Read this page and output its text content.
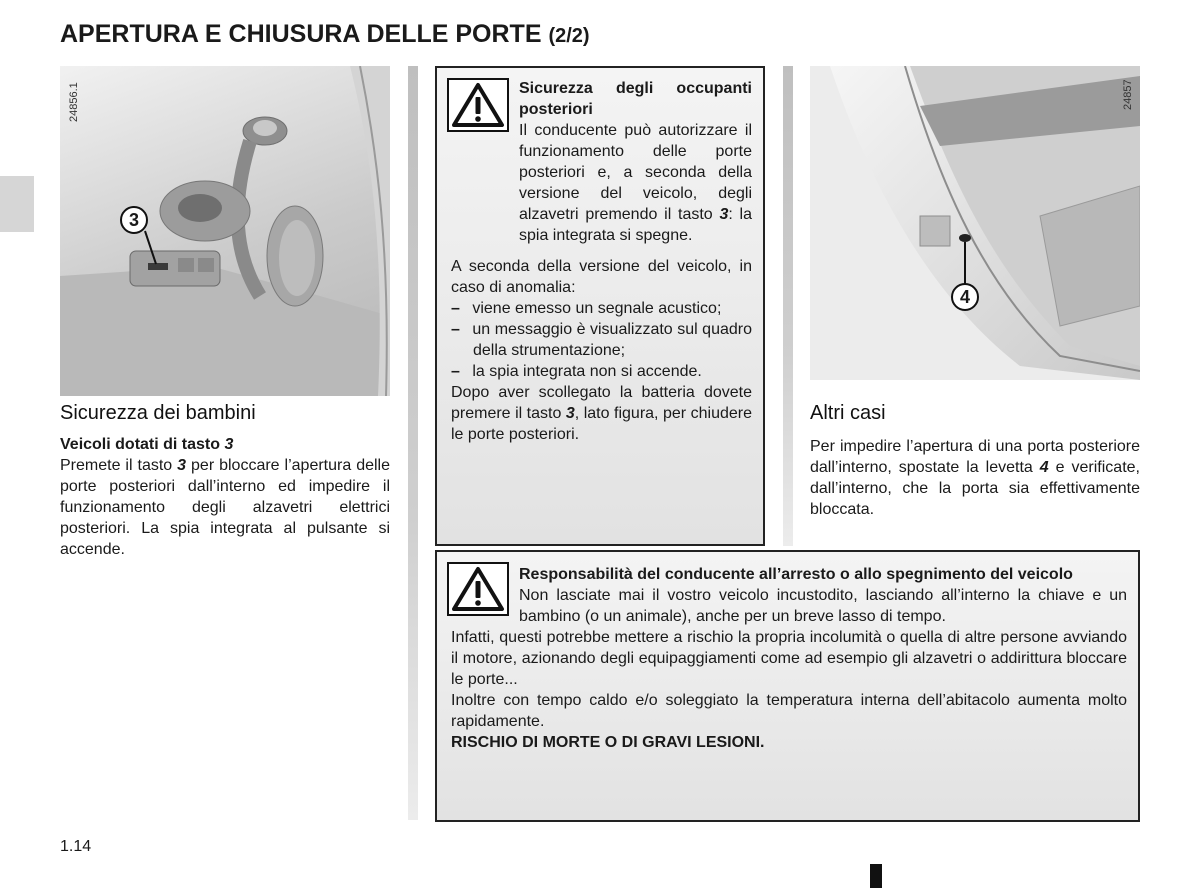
APERTURA E CHIUSURA DELLE PORTE (2/2)
24856.1
3
Sicurezza dei bambini
Veicoli dotati di tasto 3
Premete il tasto 3 per bloccare l’apertura delle porte posteriori dall’interno ed impedire il funzionamento degli alzavetri elettrici posteriori. La spia integrata al pulsante si accende.
Sicurezza degli occupanti posteriori
Il conducente può autorizzare il funzionamento delle porte posteriori e, a seconda della versione del veicolo, degli alzavetri premendo il tasto 3: la spia integrata si spegne.
A seconda della versione del veicolo, in caso di anomalia:
– viene emesso un segnale acustico;
– un messaggio è visualizzato sul quadro della strumentazione;
– la spia integrata non si accende.
Dopo aver scollegato la batteria dovete premere il tasto 3, lato figura, per chiudere le porte posteriori.
24857
4
Altri casi
Per impedire l’apertura di una porta posteriore dall’interno, spostate la levetta 4 e verificate, dall’interno, che la porta sia effettivamente bloccata.
Responsabilità del conducente all’arresto o allo spegnimento del veicolo
Non lasciate mai il vostro veicolo incustodito, lasciando all’interno la chiave e un bambino (o un animale), anche per un breve lasso di tempo.
Infatti, questi potrebbe mettere a rischio la propria incolumità o quella di altre persone avviando il motore, azionando degli equipaggiamenti come ad esempio gli alzavetri o addirittura bloccare le porte...
Inoltre con tempo caldo e/o soleggiato la temperatura interna dell’abitacolo aumenta molto rapidamente.
RISCHIO DI MORTE O DI GRAVI LESIONI.
1.14
